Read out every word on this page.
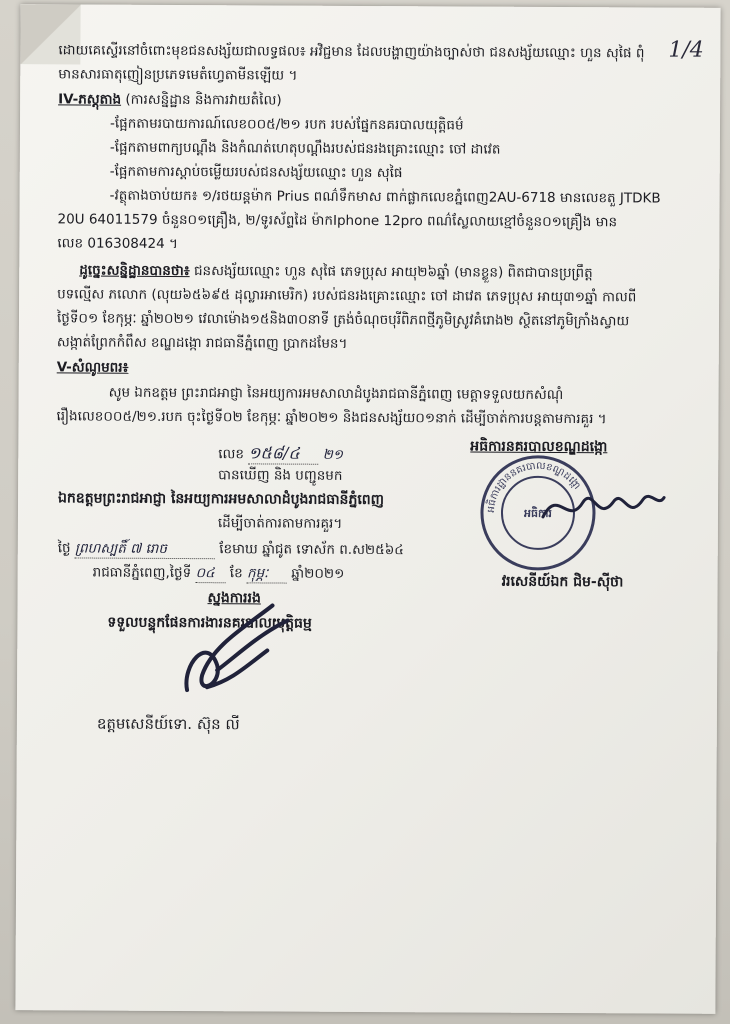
1/4
ដោយគេស្ទើរនៅចំពោះមុខជនសង្ស័យជាលទ្ធផល៖ អវិជ្ជមាន ដែលបង្ហាញយ៉ាងច្បាស់ថា ជនសង្ស័យឈ្មោះ ហួន សុផៃ ពុំ
មានសារធាតុញៀនប្រភេទមេតំហ្វេតាមីនឡើយ ។
IV-ភស្តុតាង (ការសន្និដ្ឋាន និងការវាយតំលៃ)
-ផ្អែកតាមរបាយការណ៍លេខ០០៥/២១ របក របស់ផ្នែកនគរបាលយុត្តិធម៌
-ផ្អែកតាមពាក្យបណ្តឹង និងកំណត់ហេតុបណ្តឹងរបស់ជនរងគ្រោះឈ្មោះ ចៅ ដាវេត
-ផ្អែកតាមការស្តាប់ចម្លើយរបស់ជនសង្ស័យឈ្មោះ ហួន សុផៃ
-វត្ថុតាងចាប់យក៖ ១/រថយន្តម៉ាក Prius ពណ៌ទឹកមាស ពាក់ផ្លាកលេខភ្នំពេញ2AU-6718 មានលេខតួ JTDKB
20U 64011579 ចំនួន០១គ្រឿង, ២/ទូរស័ព្ទដៃ ម៉ាកIphone 12pro ពណ៌ស្លែលាយខ្មៅចំនួន០១គ្រឿង មាន
លេខ 016308424 ។
ដូច្នេះសន្និដ្ឋានបានថា៖ ជនសង្ស័យឈ្មោះ ហួន សុផៃ ភេទប្រុស អាយុ២៦ឆ្នាំ (មានខ្លួន) ពិតជាបានប្រព្រឹត្ត
បទល្មើស ភលោក (លុយ៦៥៦៩៥ ដុល្លារអាមេរិក) របស់ជនរងគ្រោះឈ្មោះ ចៅ ដាវេត ភេទប្រុស អាយុ៣១ឆ្នាំ កាលពី
ថ្ងៃទី០១ ខែកុម្ភៈ ឆ្នាំ២០២១ វេលាម៉ោង១៥និង៣០នាទី ត្រង់ចំណុចបុរីពិភពថ្មីភូមិស្រូវគំរោង២ ស្ថិតនៅភូមិក្រាំងស្វាយ
សង្កាត់ព្រែកកំពឹស ខណ្ឌដង្កោ រាជធានីភ្នំពេញ ប្រាកដមែន។
V-សំណូមពរ៖
សូម ឯកឧត្តម ព្រះរាជអាជ្ញា នៃអយ្យការអមសាលាដំបូងរាជធានីភ្នំពេញ មេត្តាទទួលយកសំណុំ
រឿងលេខ០០៥/២១.របក ចុះថ្ងៃទី០២ ខែកុម្ភៈ ឆ្នាំ២០២១ និងជនសង្ស័យ០១នាក់ ដើម្បីចាត់ការបន្តតាមការគួរ ។
លេខ ១៥៨/៤ ២១
បានឃើញ និង បញ្ជូនមក
ឯកឧត្តមព្រះរាជអាជ្ញា នៃអយ្យការអមសាលាដំបូងរាជធានីភ្នំពេញ
ដើម្បីចាត់ការតាមការគួរ។
ថ្ងៃ ព្រហស្បតិ៍ ៧ រោច	ខែមាឃ ឆ្នាំជូត ទោស័ក ព.ស២៥៦៤
រាជធានីភ្នំពេញ,ថ្ងៃទី ០៤ ខែ កុម្ភៈ ឆ្នាំ២០២១
ស្នងការរង
ទទួលបន្ទុកផែនការងារនគរបាលយុត្តិធម្ម
ឧត្តមសេនីយ៍ទោ. ស៊ុន លី
អធិការនគរបាលខណ្ឌដង្កោ
អធិការដ្ឋាននគរបាលខណ្ឌដង្កោ
អធិការ
វរសេនីយ៍ឯក ជិម-ស៊ីថា
